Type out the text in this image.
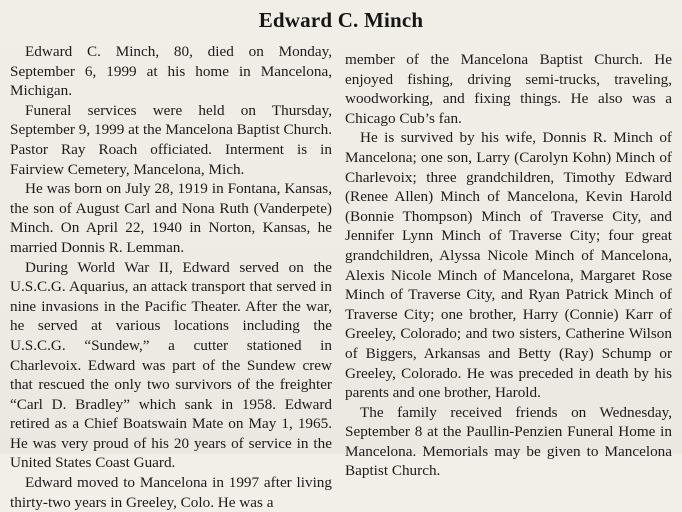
Edward C. Minch

Edward C. Minch, 80, died on Monday, September 6, 1999 at his home in Mancelona, Michigan.

Funeral services were held on Thursday, September 9, 1999 at the Mancelona Baptist Church. Pastor Ray Roach officiated. Interment is in Fairview Cemetery, Mancelona, Mich.

He was born on July 28, 1919 in Fontana, Kansas, the son of August Carl and Nona Ruth (Vanderpete) Minch. On April 22, 1940 in Norton, Kansas, he married Donnis R. Lemman.

During World War II, Edward served on the U.S.C.G. Aquarius, an attack transport that served in nine invasions in the Pacific Theater. After the war, he served at various locations including the U.S.C.G. “Sundew,” a cutter stationed in Charlevoix. Edward was part of the Sundew crew that rescued the only two survivors of the freighter “Carl D. Bradley” which sank in 1958. Edward retired as a Chief Boatswain Mate on May 1, 1965. He was very proud of his 20 years of service in the United States Coast Guard.

Edward moved to Mancelona in 1997 after living thirty-two years in Greeley, Colo. He was a

member of the Mancelona Baptist Church. He enjoyed fishing, driving semi-trucks, traveling, woodworking, and fixing things. He also was a Chicago Cub’s fan.

He is survived by his wife, Donnis R. Minch of Mancelona; one son, Larry (Carolyn Kohn) Minch of Charlevoix; three grandchildren, Timothy Edward (Renee Allen) Minch of Mancelona, Kevin Harold (Bonnie Thompson) Minch of Traverse City, and Jennifer Lynn Minch of Traverse City; four great grandchildren, Alyssa Nicole Minch of Mancelona, Alexis Nicole Minch of Mancelona, Margaret Rose Minch of Traverse City, and Ryan Patrick Minch of Traverse City; one brother, Harry (Connie) Karr of Greeley, Colorado; and two sisters, Catherine Wilson of Biggers, Arkansas and Betty (Ray) Schump or Greeley, Colorado. He was preceded in death by his parents and one brother, Harold.

The family received friends on Wednesday, September 8 at the Paullin-Penzien Funeral Home in Mancelona. Memorials may be given to Mancelona Baptist Church.
